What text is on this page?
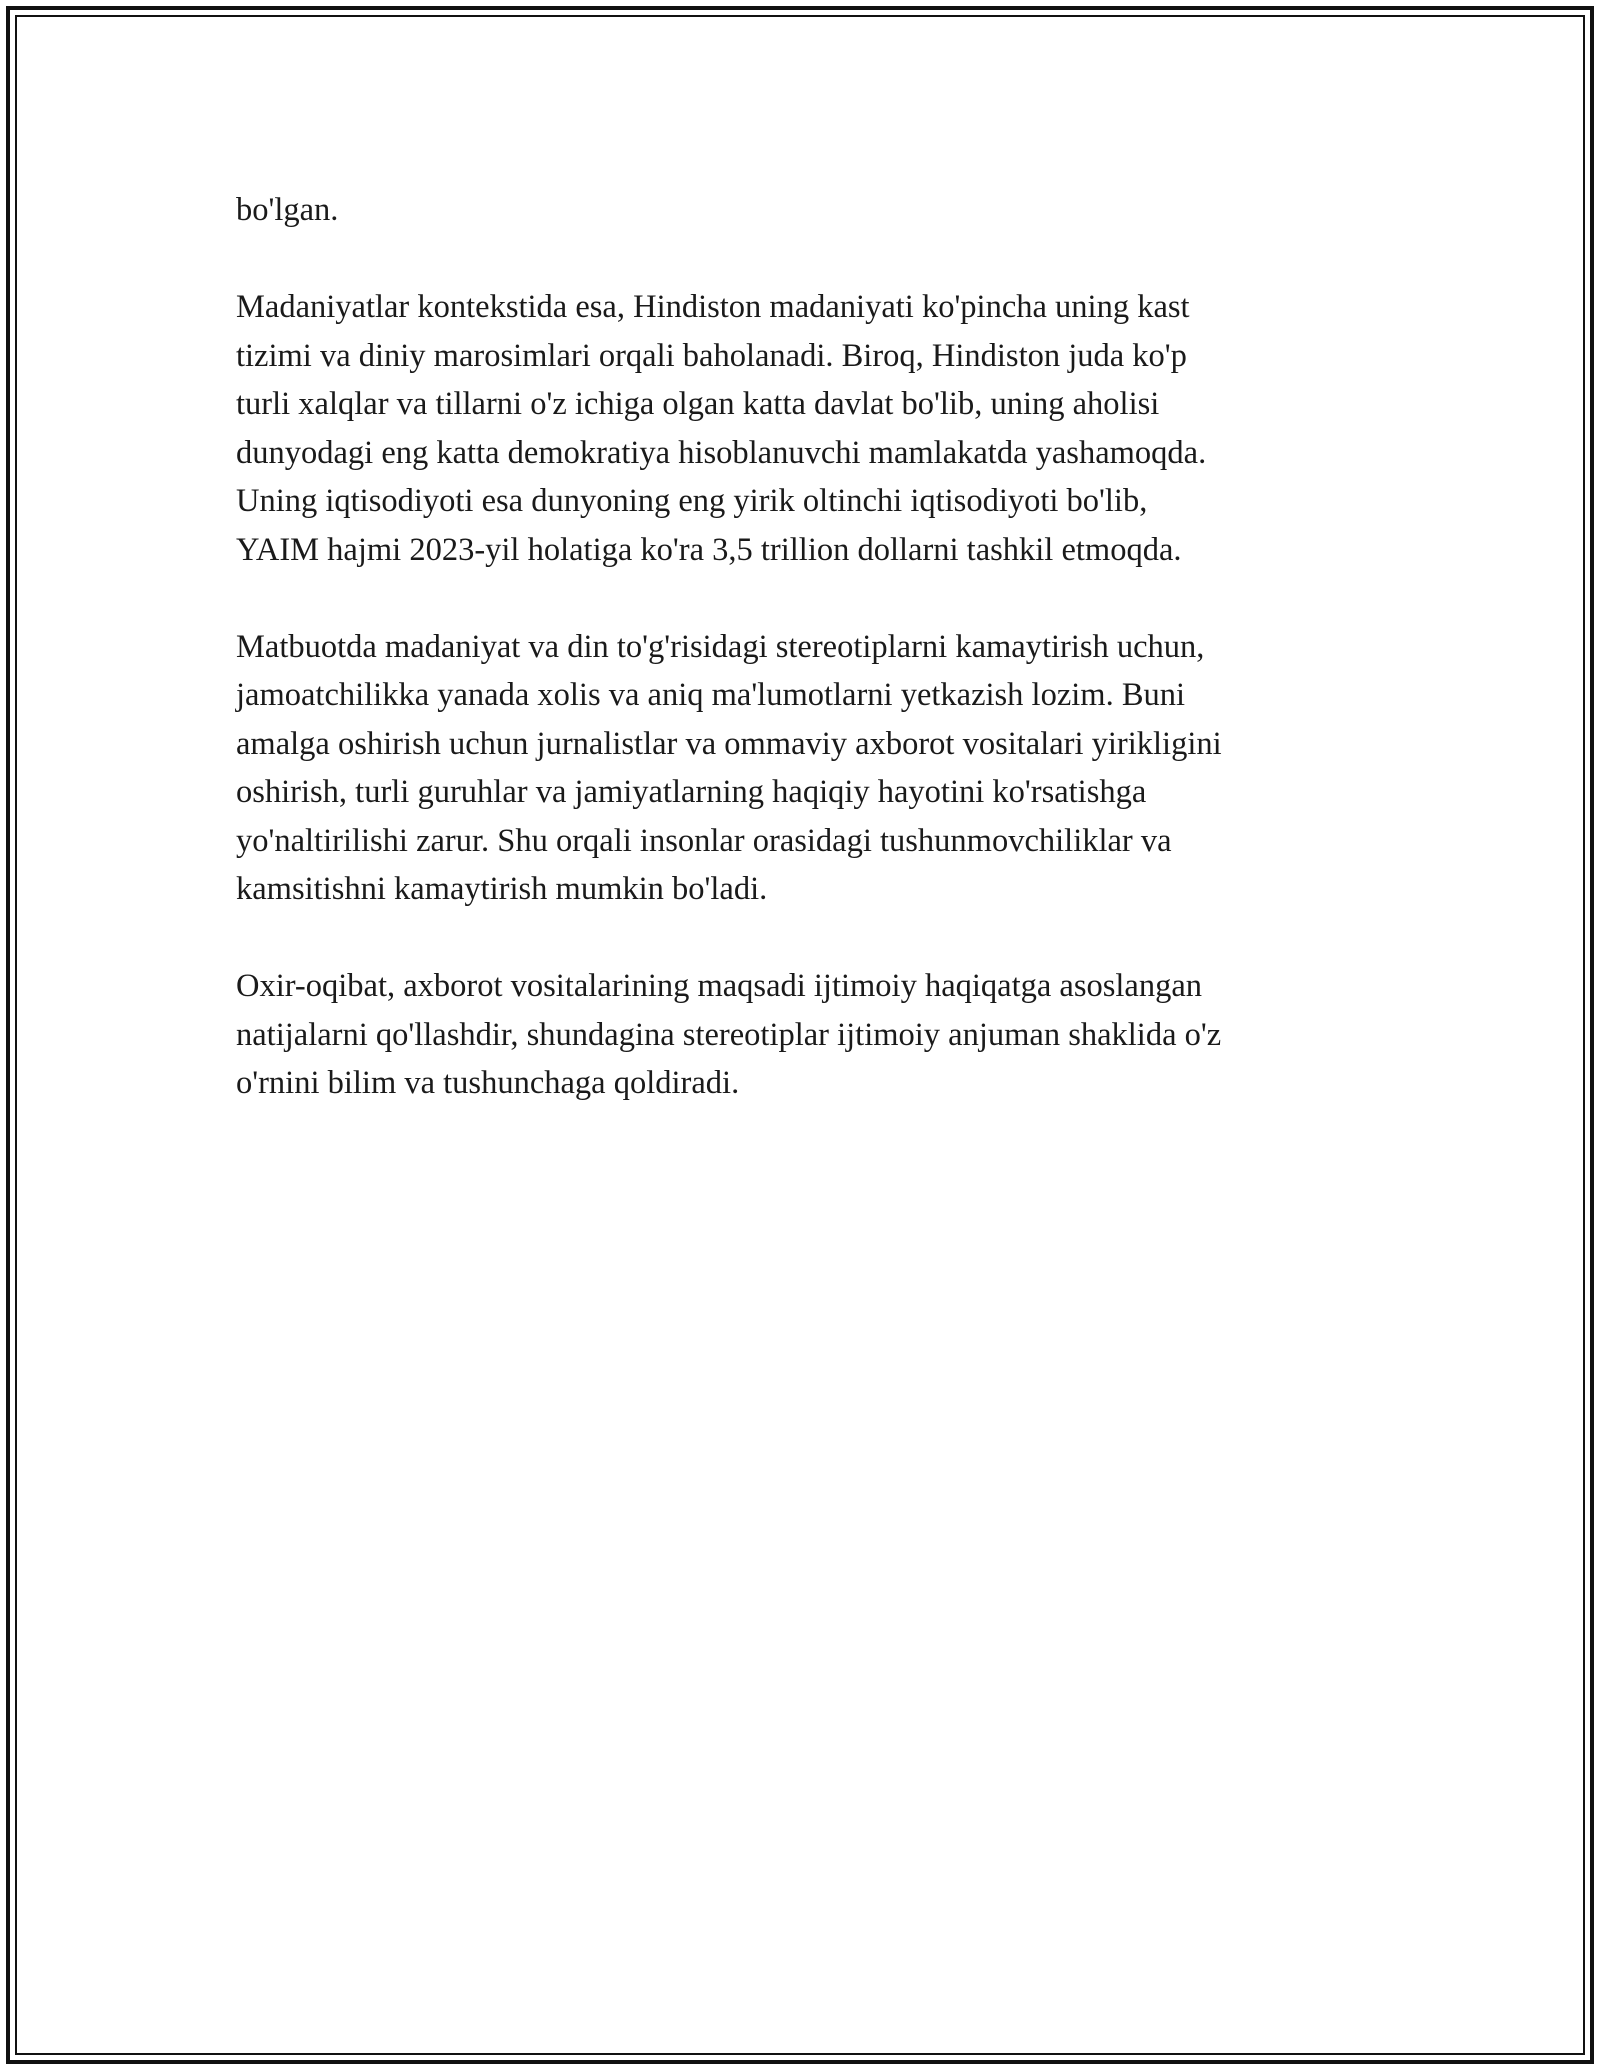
bo'lgan.

Madaniyatlar kontekstida esa, Hindiston madaniyati ko'pincha uning kast
tizimi va diniy marosimlari orqali baholanadi. Biroq, Hindiston juda ko'p
turli xalqlar va tillarni o'z ichiga olgan katta davlat bo'lib, uning aholisi
dunyodagi eng katta demokratiya hisoblanuvchi mamlakatda yashamoqda.
Uning iqtisodiyoti esa dunyoning eng yirik oltinchi iqtisodiyoti bo'lib,
YAIM hajmi 2023-yil holatiga ko'ra 3,5 trillion dollarni tashkil etmoqda.

Matbuotda madaniyat va din to'g'risidagi stereotiplarni kamaytirish uchun,
jamoatchilikka yanada xolis va aniq ma'lumotlarni yetkazish lozim. Buni
amalga oshirish uchun jurnalistlar va ommaviy axborot vositalari yirikligini
oshirish, turli guruhlar va jamiyatlarning haqiqiy hayotini ko'rsatishga
yo'naltirilishi zarur. Shu orqali insonlar orasidagi tushunmovchiliklar va
kamsitishni kamaytirish mumkin bo'ladi.

Oxir-oqibat, axborot vositalarining maqsadi ijtimoiy haqiqatga asoslangan
natijalarni qo'llashdir, shundagina stereotiplar ijtimoiy anjuman shaklida o'z
o'rnini bilim va tushunchaga qoldiradi.
